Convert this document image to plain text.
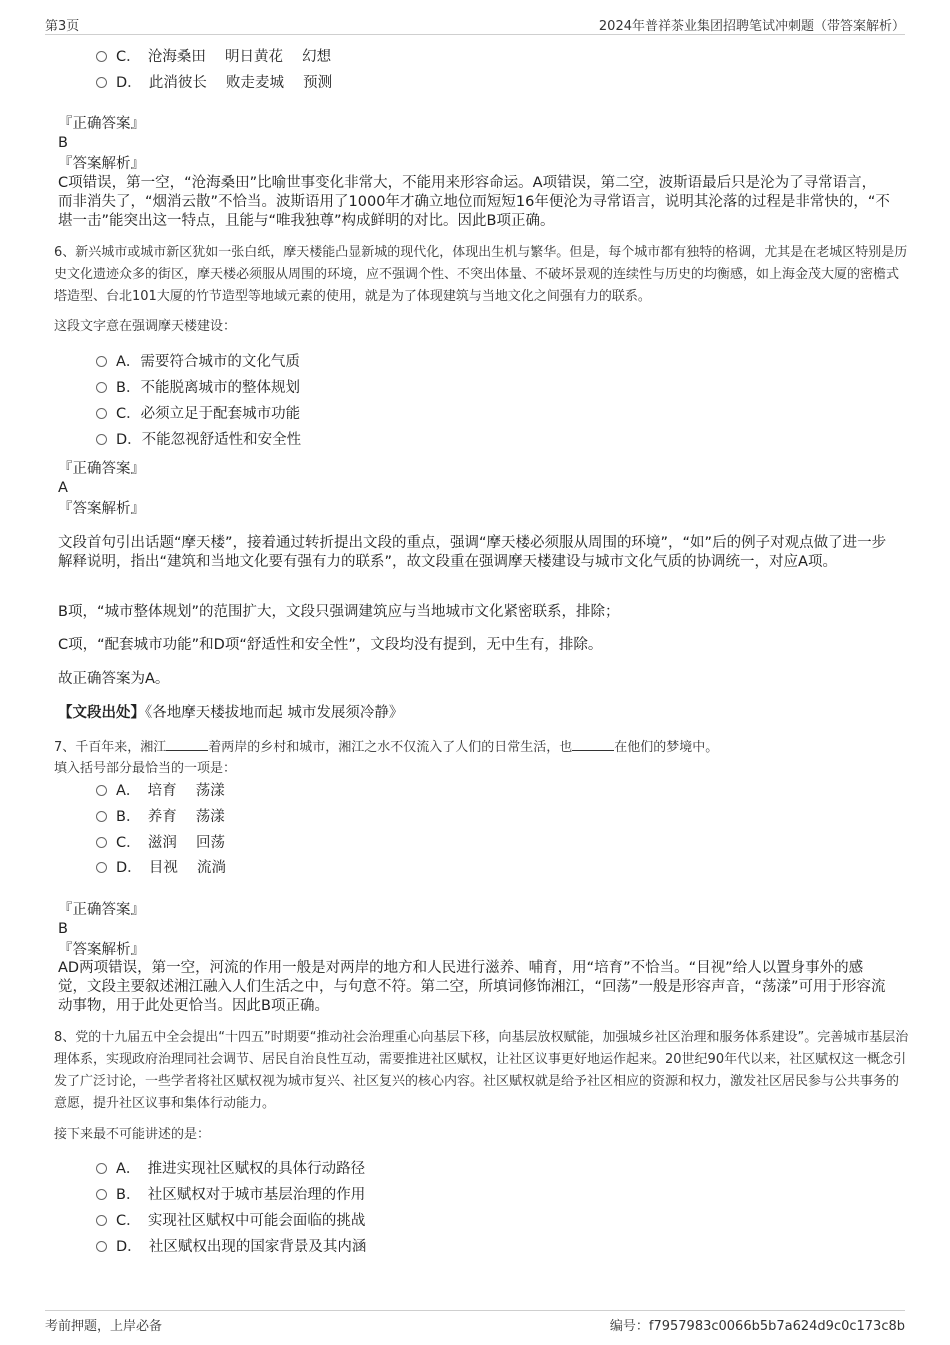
第3页	2024年普祥茶业集团招聘笔试冲刺题（带答案解析）
C．　沧海桑田　 明日黄花　 幻想
D．　此消彼长　 败走麦城　 预测
『正确答案』
B
『答案解析』
C项错误，第一空，“沧海桑田”比喻世事变化非常大，不能用来形容命运。A项错误，第二空，波斯语最后只是沦为了寻常语言，而非消失了，“烟消云散”不恰当。波斯语用了1000年才确立地位而短短16年便沦为寻常语言，说明其沦落的过程是非常快的，“不堪一击”能突出这一特点，且能与“唯我独尊”构成鲜明的对比。因此B项正确。
6、新兴城市或城市新区犹如一张白纸，摩天楼能凸显新城的现代化，体现出生机与繁华。但是，每个城市都有独特的格调，尤其是在老城区特别是历史文化遗迹众多的街区，摩天楼必须服从周围的环境，应不强调个性、不突出体量、不破坏景观的连续性与历史的均衡感，如上海金茂大厦的密檐式塔造型、台北101大厦的竹节造型等地域元素的使用，就是为了体现建筑与当地文化之间强有力的联系。
这段文字意在强调摩天楼建设：
A．需要符合城市的文化气质
B．不能脱离城市的整体规划
C．必须立足于配套城市功能
D．不能忽视舒适性和安全性
『正确答案』
A
『答案解析』
文段首句引出话题“摩天楼”，接着通过转折提出文段的重点，强调“摩天楼必须服从周围的环境”，“如”后的例子对观点做了进一步解释说明，指出“建筑和当地文化要有强有力的联系”，故文段重在强调摩天楼建设与城市文化气质的协调统一，对应A项。
B项，“城市整体规划”的范围扩大，文段只强调建筑应与当地城市文化紧密联系，排除；
C项，“配套城市功能”和D项“舒适性和安全性”，文段均没有提到，无中生有，排除。
故正确答案为A。
【文段出处】《各地摩天楼拔地而起 城市发展须冷静》
7、千百年来，湘江	着两岸的乡村和城市，湘江之水不仅流入了人们的日常生活，也	在他们的梦境中。
填入括号部分最恰当的一项是：
A．　培育　 荡漾
B．　养育　 荡漾
C．　滋润　 回荡
D．　目视　 流淌
『正确答案』
B
『答案解析』
AD两项错误，第一空，河流的作用一般是对两岸的地方和人民进行滋养、哺育，用“培育”不恰当。“目视”给人以置身事外的感觉，文段主要叙述湘江融入人们生活之中，与句意不符。第二空，所填词修饰湘江，“回荡”一般是形容声音，“荡漾”可用于形容流动事物，用于此处更恰当。因此B项正确。
8、党的十九届五中全会提出“十四五”时期要“推动社会治理重心向基层下移，向基层放权赋能，加强城乡社区治理和服务体系建设”。完善城市基层治理体系，实现政府治理同社会调节、居民自治良性互动，需要推进社区赋权，让社区议事更好地运作起来。20世纪90年代以来，社区赋权这一概念引发了广泛讨论，一些学者将社区赋权视为城市复兴、社区复兴的核心内容。社区赋权就是给予社区相应的资源和权力，激发社区居民参与公共事务的意愿，提升社区议事和集体行动能力。
接下来最不可能讲述的是：
A．　推进实现社区赋权的具体行动路径
B．　社区赋权对于城市基层治理的作用
C．　实现社区赋权中可能会面临的挑战
D．　社区赋权出现的国家背景及其内涵
考前押题，上岸必备	编号：f7957983c0066b5b7a624d9c0c173c8b
